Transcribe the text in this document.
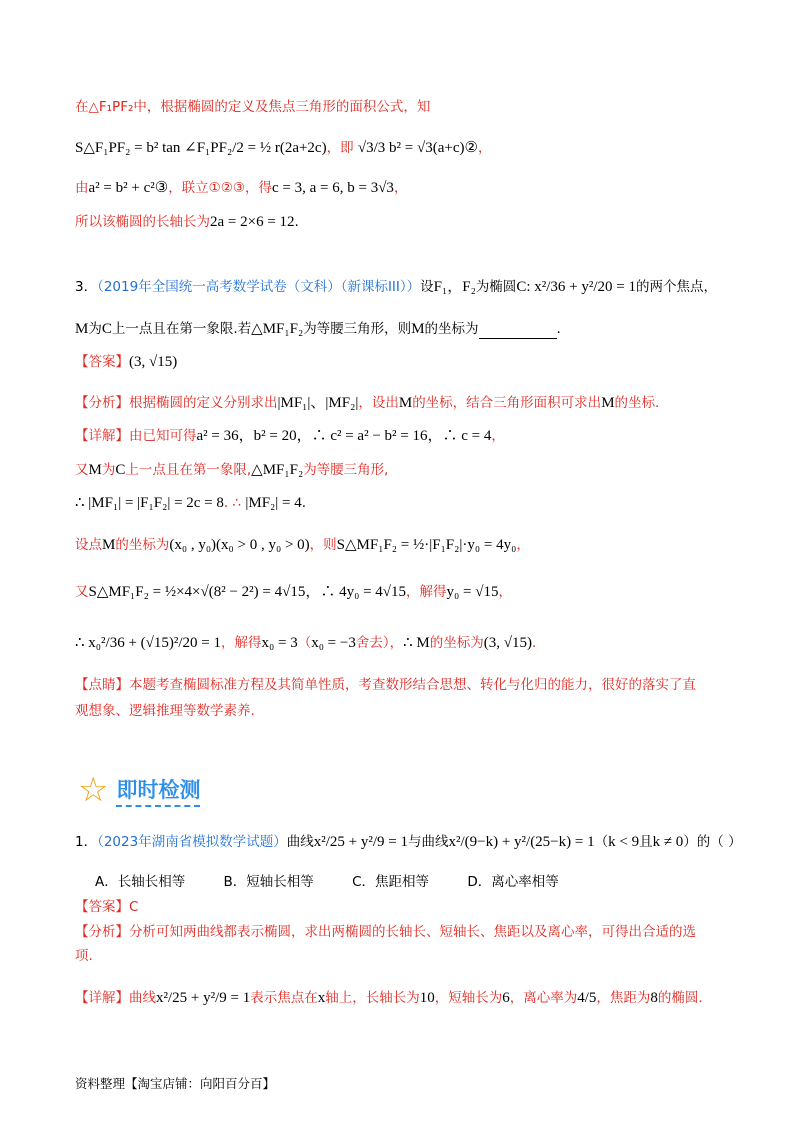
在△F₁PF₂中，根据椭圆的定义及焦点三角形的面积公式，知
S△F₁PF₂ = b² tan ∠F₁PF₂/2 = ½ r(2a+2c)，即 √3/3 b² = √3(a+c)②，
由a² = b² + c²③，联立①②③，得c = 3, a = 6, b = 3√3，
所以该椭圆的长轴长为2a = 2×6 = 12.
3．（2019年全国统一高考数学试卷（文科）（新课标III））设F₁，F₂为椭圆C: x²/36 + y²/20 = 1的两个焦点，
M为C上一点且在第一象限.若△MF₁F₂为等腰三角形，则M的坐标为	.
【答案】(3, √15)
【分析】根据椭圆的定义分别求出|MF₁|、|MF₂|，设出M的坐标，结合三角形面积可求出M的坐标.
【详解】由已知可得a² = 36，b² = 20，∴ c² = a² − b² = 16，∴ c = 4，
又M为C上一点且在第一象限,△MF₁F₂为等腰三角形,
∴ |MF₁| = |F₁F₂| = 2c = 8. ∴ |MF₂| = 4.
设点M的坐标为(x₀ , y₀)(x₀ > 0 , y₀ > 0)，则S△MF₁F₂ = ½·|F₁F₂|·y₀ = 4y₀，
又S△MF₁F₂ = ½×4×√(8² − 2²) = 4√15，∴ 4y₀ = 4√15，解得y₀ = √15，
∴ x₀²/36 + (√15)²/20 = 1，解得x₀ = 3（x₀ = −3舍去），∴ M的坐标为(3, √15).
【点睛】本题考查椭圆标准方程及其简单性质，考查数形结合思想、转化与化归的能力，很好的落实了直
观想象、逻辑推理等数学素养.
☆ 即时检测
1．（2023年湖南省模拟数学试题）曲线x²/25 + y²/9 = 1与曲线x²/(9−k) + y²/(25−k) = 1（k < 9且k ≠ 0）的（ ）
A．长轴长相等	B．短轴长相等	C．焦距相等	D．离心率相等
【答案】C
【分析】分析可知两曲线都表示椭圆，求出两椭圆的长轴长、短轴长、焦距以及离心率，可得出合适的选
项.
【详解】曲线x²/25 + y²/9 = 1表示焦点在x轴上，长轴长为10，短轴长为6，离心率为4/5，焦距为8的椭圆.
资料整理【淘宝店铺：向阳百分百】
